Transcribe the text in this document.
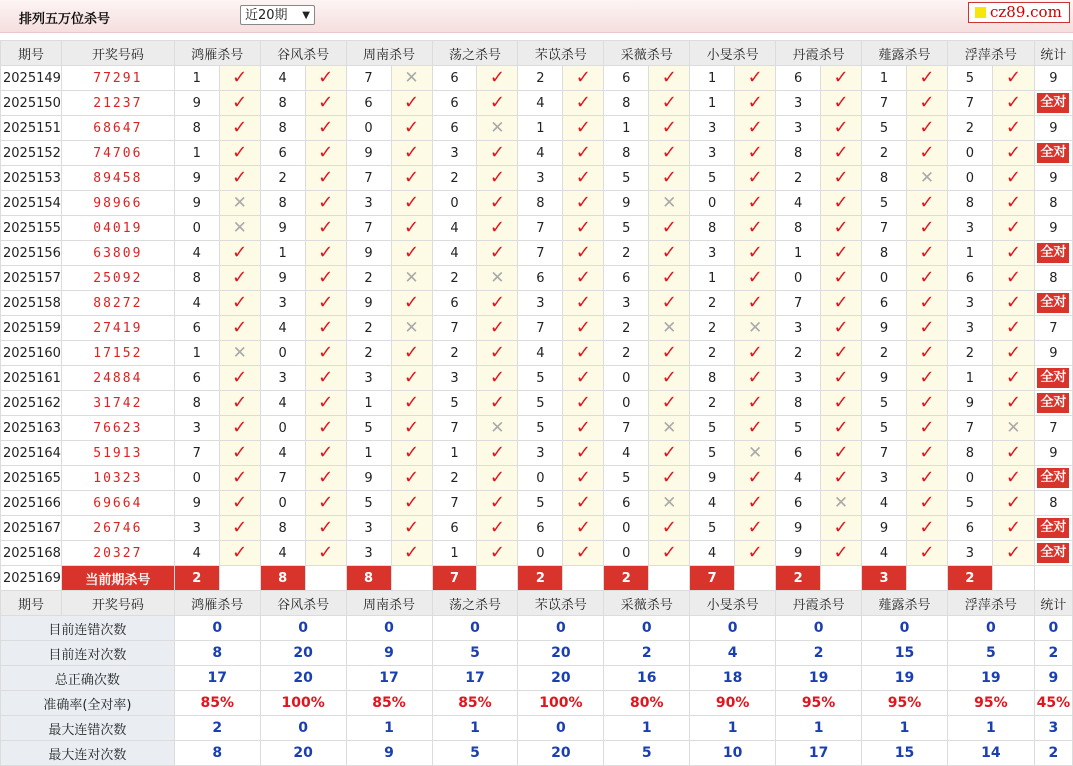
排列五万位杀号	近20期 ▼	cz89.com
期号	开奖号码	鸿雁杀号		谷风杀号		周南杀号		荡之杀号		芣苡杀号		采薇杀号		小旻杀号		丹霞杀号		薤露杀号		浮萍杀号		统计
2025149	77291	1	✓	4	✓	7	✕	6	✓	2	✓	6	✓	1	✓	6	✓	1	✓	5	✓	9
2025150	21237	9	✓	8	✓	6	✓	6	✓	4	✓	8	✓	1	✓	3	✓	7	✓	7	✓	全对
2025151	68647	8	✓	8	✓	0	✓	6	✕	1	✓	1	✓	3	✓	3	✓	5	✓	2	✓	9
2025152	74706	1	✓	6	✓	9	✓	3	✓	4	✓	8	✓	3	✓	8	✓	2	✓	0	✓	全对
2025153	89458	9	✓	2	✓	7	✓	2	✓	3	✓	5	✓	5	✓	2	✓	8	✕	0	✓	9
2025154	98966	9	✕	8	✓	3	✓	0	✓	8	✓	9	✕	0	✓	4	✓	5	✓	8	✓	8
2025155	04019	0	✕	9	✓	7	✓	4	✓	7	✓	5	✓	8	✓	8	✓	7	✓	3	✓	9
2025156	63809	4	✓	1	✓	9	✓	4	✓	7	✓	2	✓	3	✓	1	✓	8	✓	1	✓	全对
2025157	25092	8	✓	9	✓	2	✕	2	✕	6	✓	6	✓	1	✓	0	✓	0	✓	6	✓	8
2025158	88272	4	✓	3	✓	9	✓	6	✓	3	✓	3	✓	2	✓	7	✓	6	✓	3	✓	全对
2025159	27419	6	✓	4	✓	2	✕	7	✓	7	✓	2	✕	2	✕	3	✓	9	✓	3	✓	7
2025160	17152	1	✕	0	✓	2	✓	2	✓	4	✓	2	✓	2	✓	2	✓	2	✓	2	✓	9
2025161	24884	6	✓	3	✓	3	✓	3	✓	5	✓	0	✓	8	✓	3	✓	9	✓	1	✓	全对
2025162	31742	8	✓	4	✓	1	✓	5	✓	5	✓	0	✓	2	✓	8	✓	5	✓	9	✓	全对
2025163	76623	3	✓	0	✓	5	✓	7	✕	5	✓	7	✕	5	✓	5	✓	5	✓	7	✕	7
2025164	51913	7	✓	4	✓	1	✓	1	✓	3	✓	4	✓	5	✕	6	✓	7	✓	8	✓	9
2025165	10323	0	✓	7	✓	9	✓	2	✓	0	✓	5	✓	9	✓	4	✓	3	✓	0	✓	全对
2025166	69664	9	✓	0	✓	5	✓	7	✓	5	✓	6	✕	4	✓	6	✕	4	✓	5	✓	8
2025167	26746	3	✓	8	✓	3	✓	6	✓	6	✓	0	✓	5	✓	9	✓	9	✓	6	✓	全对
2025168	20327	4	✓	4	✓	3	✓	1	✓	0	✓	0	✓	4	✓	9	✓	4	✓	3	✓	全对
2025169	当前期杀号	2		8		8		7		2		2		7		2		3		2		
期号	开奖号码	鸿雁杀号		谷风杀号		周南杀号		荡之杀号		芣苡杀号		采薇杀号		小旻杀号		丹霞杀号		薤露杀号		浮萍杀号		统计
目前连错次数		0		0		0		0		0		0		0		0		0		0		0
目前连对次数		8		20		9		5		20		2		4		2		15		5		2
总正确次数		17		20		17		17		20		16		18		19		19		19		9
准确率(全对率)		85%		100%		85%		85%		100%		80%		90%		95%		95%		95%		45%
最大连错次数		2		0		1		1		0		1		1		1		1		1		3
最大连对次数		8		20		9		5		20		5		10		17		15		14		2
